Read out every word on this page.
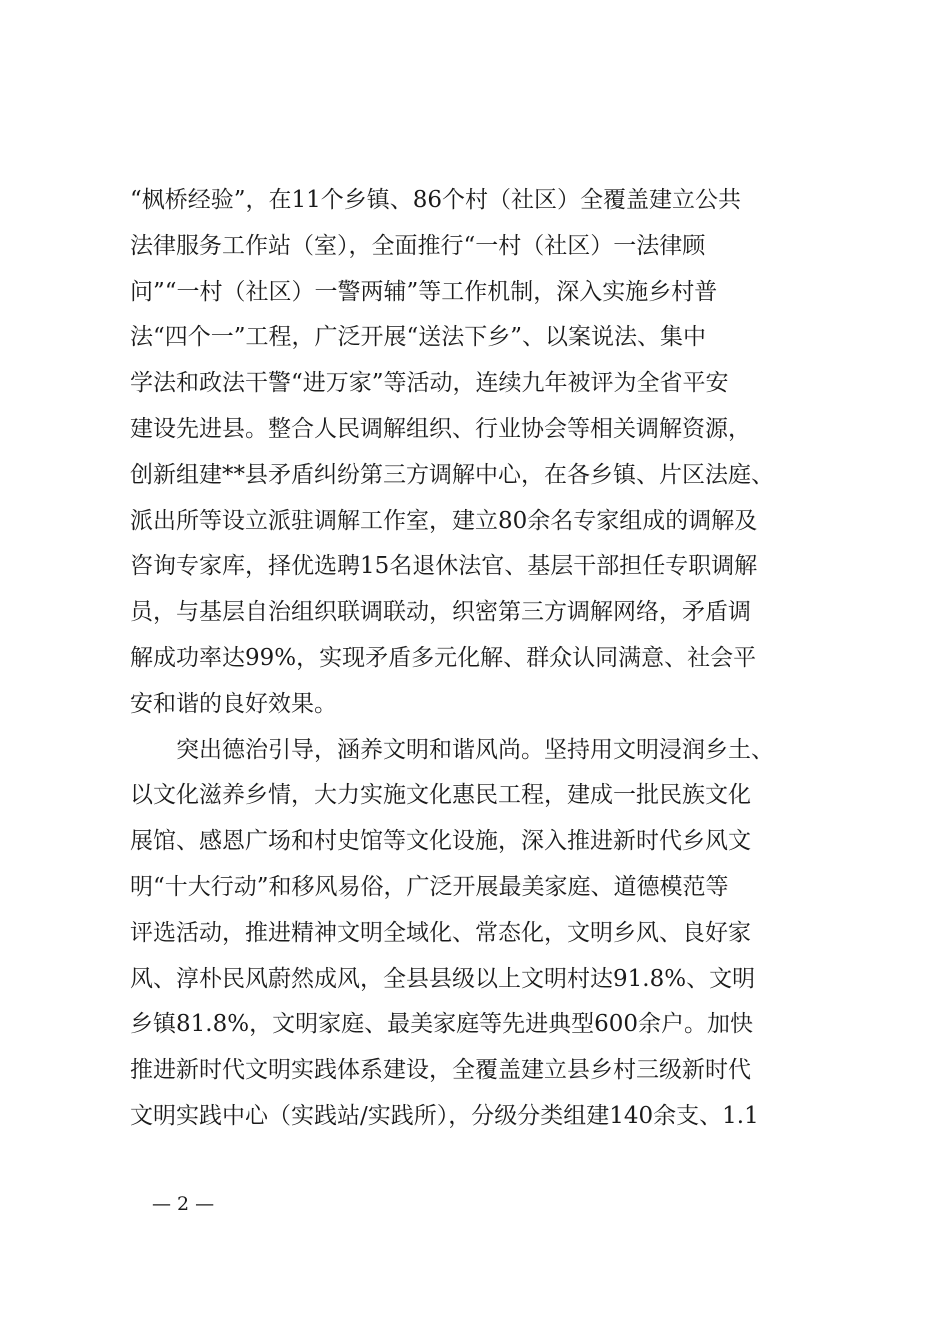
“枫桥经验”，在11个乡镇、86个村（社区）全覆盖建立公共
法律服务工作站（室），全面推行“一村（社区）一法律顾
问”“一村（社区）一警两辅”等工作机制，深入实施乡村普
法“四个一”工程，广泛开展“送法下乡”、以案说法、集中
学法和政法干警“进万家”等活动，连续九年被评为全省平安
建设先进县。整合人民调解组织、行业协会等相关调解资源，
创新组建**县矛盾纠纷第三方调解中心，在各乡镇、片区法庭、
派出所等设立派驻调解工作室，建立80余名专家组成的调解及
咨询专家库，择优选聘15名退休法官、基层干部担任专职调解
员，与基层自治组织联调联动，织密第三方调解网络，矛盾调
解成功率达99%，实现矛盾多元化解、群众认同满意、社会平
安和谐的良好效果。
　　突出德治引导，涵养文明和谐风尚。坚持用文明浸润乡土、
以文化滋养乡情，大力实施文化惠民工程，建成一批民族文化
展馆、感恩广场和村史馆等文化设施，深入推进新时代乡风文
明“十大行动”和移风易俗，广泛开展最美家庭、道德模范等
评选活动，推进精神文明全域化、常态化，文明乡风、良好家
风、淳朴民风蔚然成风，全县县级以上文明村达91.8%、文明
乡镇81.8%，文明家庭、最美家庭等先进典型600余户。加快
推进新时代文明实践体系建设，全覆盖建立县乡村三级新时代
文明实践中心（实践站/实践所），分级分类组建140余支、1.1
— 2 —
